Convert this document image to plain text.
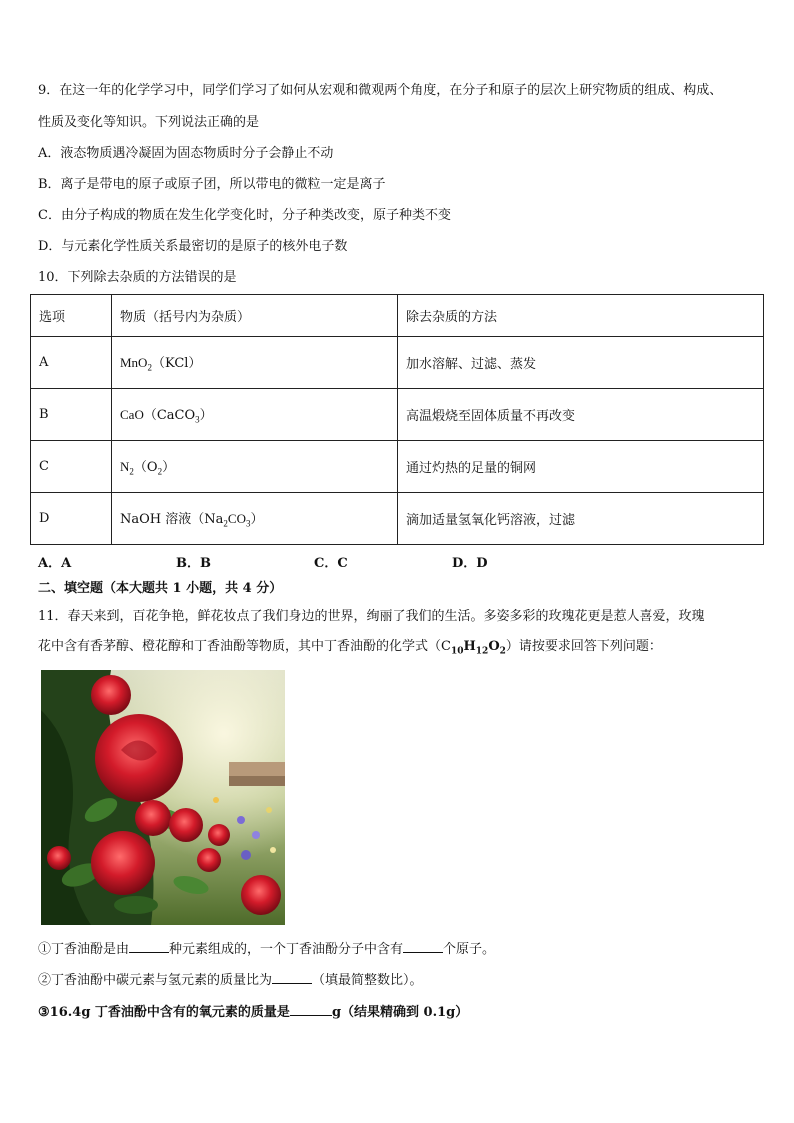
9．在这一年的化学学习中，同学们学习了如何从宏观和微观两个角度，在分子和原子的层次上研究物质的组成、构成、
性质及变化等知识。下列说法正确的是
A．液态物质遇冷凝固为固态物质时分子会静止不动
B．离子是带电的原子或原子团，所以带电的微粒一定是离子
C．由分子构成的物质在发生化学变化时，分子种类改变，原子种类不变
D．与元素化学性质关系最密切的是原子的核外电子数
10．下列除去杂质的方法错误的是
选项	物质（括号内为杂质）	除去杂质的方法
A	MnO$_2$（KCl）	加水溶解、过滤、蒸发
B	CaO（CaCO$_3$）	高温煅烧至固体质量不再改变
C	$N_2(O_2)$	通过灼热的足量的铜网
D	NaOH 溶液$(Na_2CO_3)$	滴加适量氢氧化钙溶液，过滤
A．A	B．B	C．C	D．D
二、填空题（本大题共 1 小题，共 4 分）
11．春天来到，百花争艳，鲜花妆点了我们身边的世界，绚丽了我们的生活。多姿多彩的玫瑰花更是惹人喜爱，玫瑰
花中含有香茅醇、橙花醇和丁香油酚等物质，其中丁香油酚的化学式$(C_{10}H_{12}O_2)$请按要求回答下列问题：
①丁香油酚是由	种元素组成的，一个丁香油酚分子中含有	个原子。
②丁香油酚中碳元素与氢元素的质量比为	（填最简整数比）。
③16.4g 丁香油酚中含有的氧元素的质量是	g（结果精确到 0.1g）
